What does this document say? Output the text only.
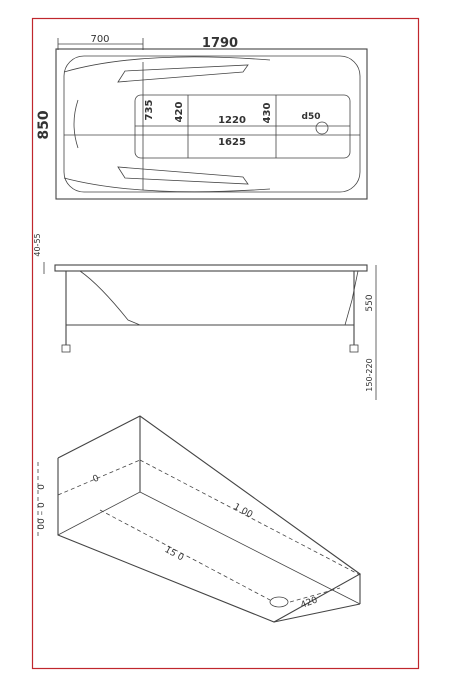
700	1790
850
735 420	430
1220
1625
d50
40-55
550
150-220
0
00 – 0
0
1 00
15 0
420
